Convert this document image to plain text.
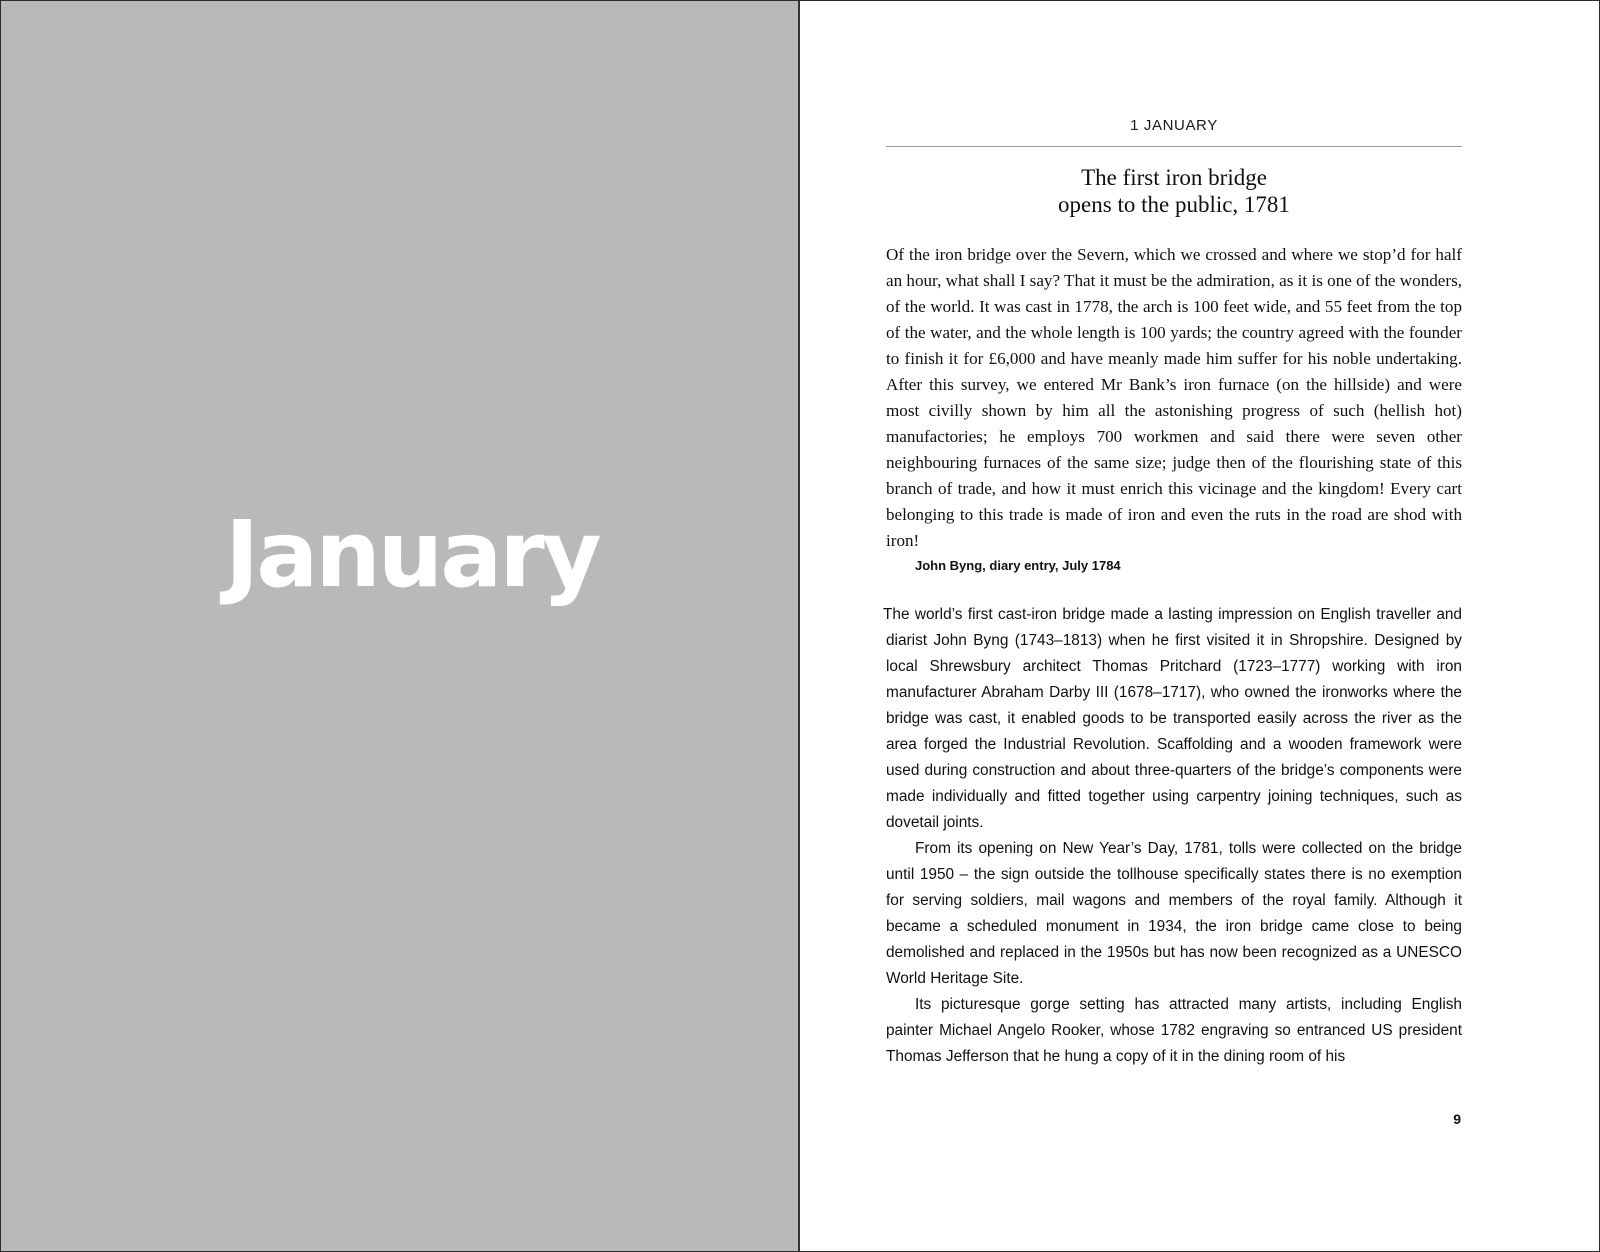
January
1 JANUARY
The first iron bridge
opens to the public, 1781
Of the iron bridge over the Severn, which we crossed and where we stop’d for half an hour, what shall I say? That it must be the admiration, as it is one of the wonders, of the world. It was cast in 1778, the arch is 100 feet wide, and 55 feet from the top of the water, and the whole length is 100 yards; the country agreed with the founder to finish it for £6,000 and have meanly made him suffer for his noble undertaking. After this survey, we entered Mr Bank’s iron furnace (on the hillside) and were most civilly shown by him all the astonishing progress of such (hellish hot) manufactories; he employs 700 workmen and said there were seven other neighbouring furnaces of the same size; judge then of the flourishing state of this branch of trade, and how it must enrich this vicinage and the kingdom! Every cart belonging to this trade is made of iron and even the ruts in the road are shod with iron!
John Byng, diary entry, July 1784

The world’s first cast-iron bridge made a lasting impression on English traveller and diarist John Byng (1743–1813) when he first visited it in Shropshire. Designed by local Shrewsbury architect Thomas Pritchard (1723–1777) working with iron manufacturer Abraham Darby III (1678–1717), who owned the ironworks where the bridge was cast, it enabled goods to be transported easily across the river as the area forged the Industrial Revolution. Scaffolding and a wooden framework were used during construction and about three-quarters of the bridge’s components were made individually and fitted together using carpentry joining techniques, such as dovetail joints.

From its opening on New Year’s Day, 1781, tolls were collected on the bridge until 1950 – the sign outside the tollhouse specifically states there is no exemption for serving soldiers, mail wagons and members of the royal family. Although it became a scheduled monument in 1934, the iron bridge came close to being demolished and replaced in the 1950s but has now been recognized as a UNESCO World Heritage Site.

Its picturesque gorge setting has attracted many artists, including English painter Michael Angelo Rooker, whose 1782 engraving so entranced US president Thomas Jefferson that he hung a copy of it in the dining room of his

9
